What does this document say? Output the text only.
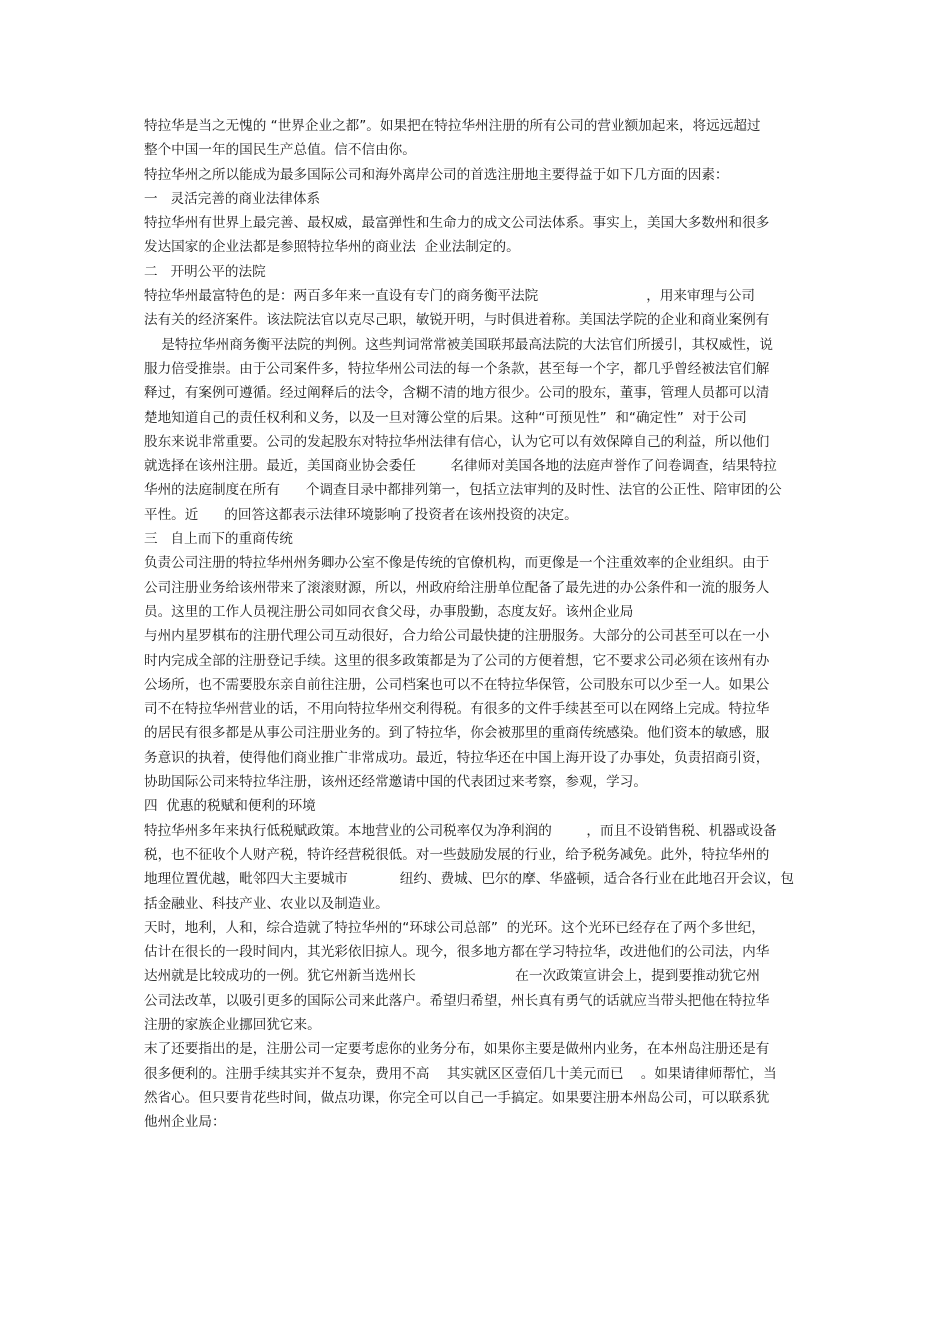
特拉华是当之无愧的 “世界企业之都”。如果把在特拉华州注册的所有公司的营业额加起来，将远远超过
整个中国一年的国民生产总值。信不信由你。
特拉华州之所以能成为最多国际公司和海外离岸公司的首选注册地主要得益于如下几方面的因素：
一   灵活完善的商业法律体系
特拉华州有世界上最完善、最权威，最富弹性和生命力的成文公司法体系。事实上，美国大多数州和很多
发达国家的企业法都是参照特拉华州的商业法  企业法制定的。
二   开明公平的法院
特拉华州最富特色的是：两百多年来一直设有专门的商务衡平法院                         ，用来审理与公司
法有关的经济案件。该法院法官以克尽己职，敏锐开明，与时俱进着称。美国法学院的企业和商业案例有
是特拉华州商务衡平法院的判例。这些判词常常被美国联邦最高法院的大法官们所援引，其权威性，说
服力倍受推崇。由于公司案件多，特拉华州公司法的每一个条款，甚至每一个字，都几乎曾经被法官们解
释过，有案例可遵循。经过阐释后的法令，含糊不清的地方很少。公司的股东，董事，管理人员都可以清
楚地知道自己的责任权利和义务，以及一旦对簿公堂的后果。这种“可预见性”  和“确定性”  对于公司
股东来说非常重要。公司的发起股东对特拉华州法律有信心，认为它可以有效保障自己的利益，所以他们
就选择在该州注册。最近，美国商业协会委任        名律师对美国各地的法庭声誉作了问卷调查，结果特拉
华州的法庭制度在所有      个调查目录中都排列第一，包括立法审判的及时性、法官的公正性、陪审团的公
平性。近      的回答这都表示法律环境影响了投资者在该州投资的决定。
三   自上而下的重商传统
负责公司注册的特拉华州州务卿办公室不像是传统的官僚机构，而更像是一个注重效率的企业组织。由于
公司注册业务给该州带来了滚滚财源，所以，州政府给注册单位配备了最先进的办公条件和一流的服务人
员。这里的工作人员视注册公司如同衣食父母，办事殷勤，态度友好。该州企业局
与州内星罗棋布的注册代理公司互动很好，合力给公司最快捷的注册服务。大部分的公司甚至可以在一小
时内完成全部的注册登记手续。这里的很多政策都是为了公司的方便着想，它不要求公司必须在该州有办
公场所，也不需要股东亲自前往注册，公司档案也可以不在特拉华保管，公司股东可以少至一人。如果公
司不在特拉华州营业的话，不用向特拉华州交利得税。有很多的文件手续甚至可以在网络上完成。特拉华
的居民有很多都是从事公司注册业务的。到了特拉华，你会被那里的重商传统感染。他们资本的敏感，服
务意识的执着，使得他们商业推广非常成功。最近，特拉华还在中国上海开设了办事处，负责招商引资，
协助国际公司来特拉华注册，该州还经常邀请中国的代表团过来考察，参观，学习。
四  优惠的税赋和便利的环境
特拉华州多年来执行低税赋政策。本地营业的公司税率仅为净利润的        ，而且不设销售税、机器或设备
税，也不征收个人财产税，特许经营税很低。对一些鼓励发展的行业，给予税务减免。此外，特拉华州的
地理位置优越，毗邻四大主要城市            纽约、费城、巴尔的摩、华盛顿，适合各行业在此地召开会议，包
括金融业、科技产业、农业以及制造业。
天时，地利，人和，综合造就了特拉华州的“环球公司总部”  的光环。这个光环已经存在了两个多世纪，
估计在很长的一段时间内，其光彩依旧掠人。现今，很多地方都在学习特拉华，改进他们的公司法，内华
达州就是比较成功的一例。犹它州新当选州长                       在一次政策宣讲会上，提到要推动犹它州
公司法改革，以吸引更多的国际公司来此落户。希望归希望，州长真有勇气的话就应当带头把他在特拉华
注册的家族企业挪回犹它来。
末了还要指出的是，注册公司一定要考虑你的业务分布，如果你主要是做州内业务，在本州岛注册还是有
很多便利的。注册手续其实并不复杂，费用不高    其实就区区壹佰几十美元而已    。如果请律师帮忙，当
然省心。但只要肯花些时间，做点功课，你完全可以自己一手搞定。如果要注册本州岛公司，可以联系犹
他州企业局：
